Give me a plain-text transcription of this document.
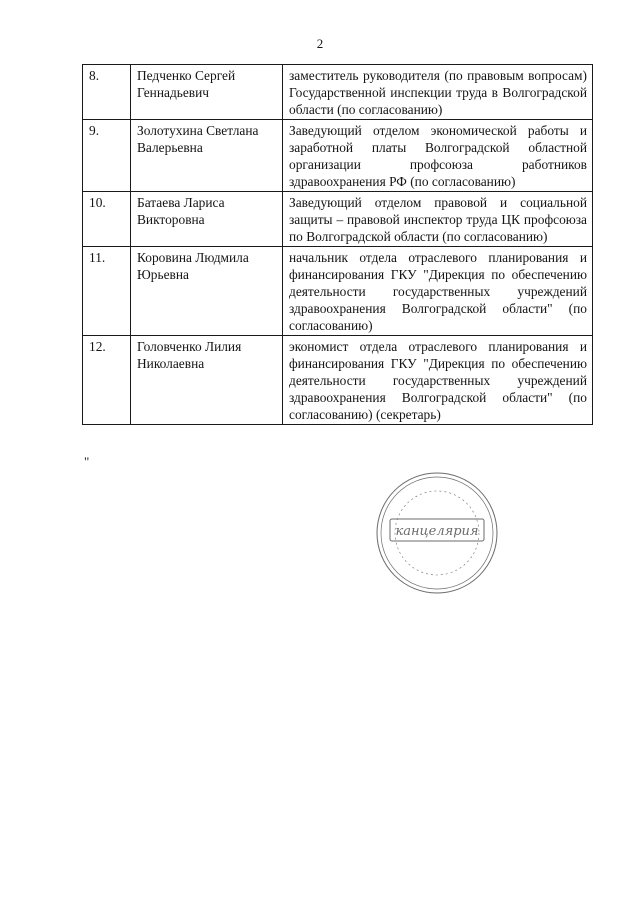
2
8.	Педченко Сергей Геннадьевич	заместитель руководителя (по правовым вопросам) Государственной инспекции труда в Волгоградской области (по согласованию)
9.	Золотухина Светлана Валерьевна	Заведующий отделом экономической работы и заработной платы Волгоградской областной организации профсоюза работников здравоохранения РФ (по согласованию)
10.	Батаева Лариса Викторовна	Заведующий отделом правовой и социальной защиты – правовой инспектор труда ЦК профсоюза по Волгоградской области (по согласованию)
11.	Коровина Людмила Юрьевна	начальник отдела отраслевого планирования и финансирования ГКУ "Дирекция по обеспечению деятельности государственных учреждений здравоохранения Волгоградской области" (по согласованию)
12.	Головченко Лилия Николаевна	экономист отдела отраслевого планирования и финансирования ГКУ "Дирекция по обеспечению деятельности государственных учреждений здравоохранения Волгоградской области" (по согласованию) (секретарь)
"
канцелярия
